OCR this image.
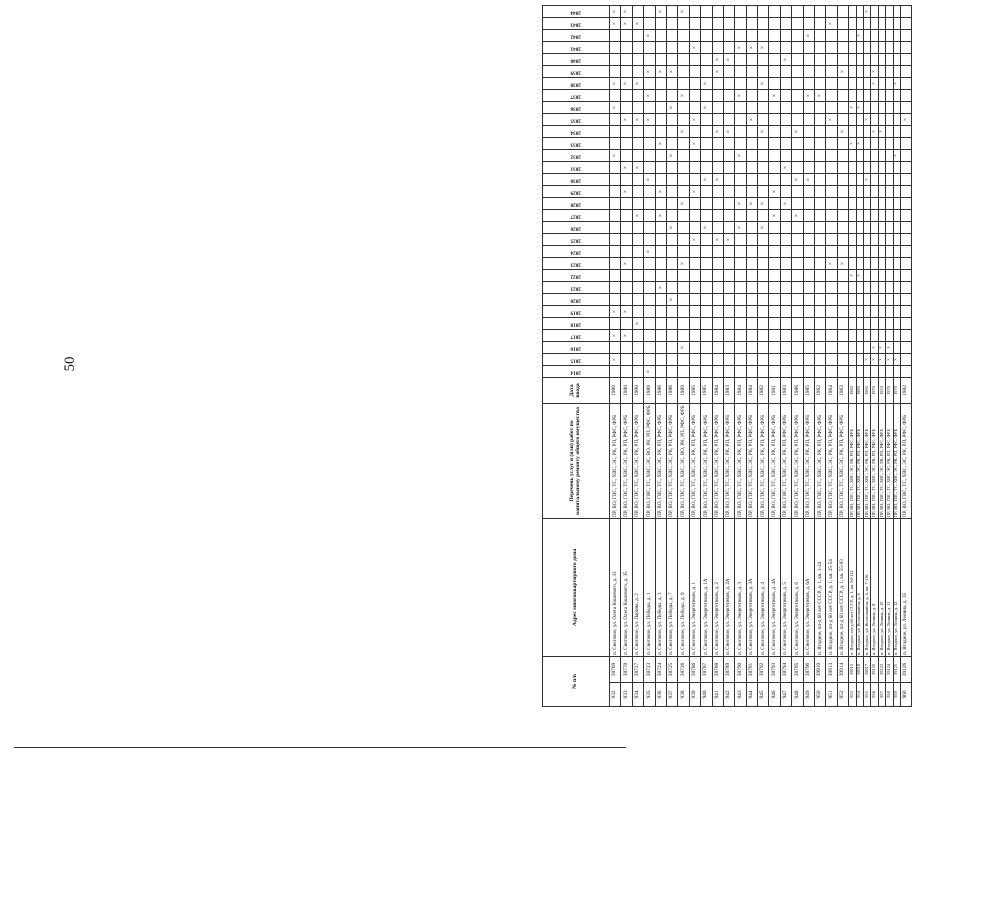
50
№ п/п		Адрес многоквартирного дома	Перечень услуг и (или) работ по капитальному ремонту общего имущества	Дата ввода	2014	2015	2016	2017	2018	2019	2020	2021	2022	2023	2024	2025	2026	2027	2028	2029	2030	2031	2032	2033	2034	2035	2036	2037	2038	2039	2040	2041	2042	2043	2044
932	38769	п. Снеговое, ул. Олега Кошевого, д. 33	ПР, ВО, ГВС, ТС, ХВС, ЭС, РК, РП, РФС, ФРБ	1980		×		×		×													×				×		×					×	×
933	38770	п. Снеговое, ул. Олега Кошевого, д. 35	ПР, ВО, ГВС, ТС, ХВС, ЭС, РК, РП, РФС, ФРБ	1980				×		×				×						×		×				×			×					×	×
934	38727	п. Снеговое, ул. Парина, д. 2	ПР, ВО, ГВС, ТС, ХВС, ЭС, РК, РП, РФС, ФРБ	1990					×									×				×				×			×					×	
935	38723	п. Снеговое, ул. Победы, д. 1	ПР, ВО, ГВС, ТС, ХВС, ЭС, ВО, РК, РП, РФС, ФРБ	1989	×										×						×					×		×		×			×		
936	38724	п. Снеговое, ул. Победы, д. 3	ПР, ВО, ГВС, ТС, ХВС, ЭС, РК, РП, РФС, ФРБ	1986								×						×		×				×						×					×
937	38725	п. Снеговое, ул. Победы, д. 7	ПР, ВО, ГВС, ТС, ХВС, ЭС, РК, РП, РФС, ФРБ	1986							×						×						×				×			×					
938	38726	п. Снеговое, ул. Победы, д. 9	ПР, ВО, ГВС, ТС, ХВС, ЭС, ВО, РК, РП, РФС, ФРБ	1989			×							×					×						×			×							×
939	38786	п. Снеговое, ул. Энергетиков, д. 1	ПР, ВО, ГВС, ТС, ХВС, ЭС, РК, РП, РФС, ФРБ	1985												×				×				×		×						×			
940	38787	п. Снеговое, ул. Энергетиков, д. 1А	ПР, ВО, ГВС, ТС, ХВС, ЭС, РК, РП, РФС, ФРБ	1985													×				×						×		×						
941	38788	п. Снеговое, ул. Энергетиков, д. 2	ПР, ВО, ГВС, ТС, ХВС, ЭС, РК, РП, РФС, ФРБ	1984												×					×				×					×	×				
942	38789	п. Снеговое, ул. Энергетиков, д. 2А	ПР, ВО, ГВС, ТС, ХВС, ЭС, РК, РП, РФС, ФРБ	1983												×									×						×				
943	38790	п. Снеговое, ул. Энергетиков, д. 3	ПР, ВО, ГВС, ТС, ХВС, ЭС, РК, РП, РФС, ФРБ	1984													×		×				×					×				×			
944	38791	п. Снеговое, ул. Энергетиков, д. 3А	ПР, ВО, ГВС, ТС, ХВС, ЭС, РК, РП, РФС, ФРБ	1984															×							×						×			
945	38792	п. Снеговое, ул. Энергетиков, д. 4	ПР, ВО, ГВС, ТС, ХВС, ЭС, РК, РП, РФС, ФРБ	1982													×		×						×				×			×			
946	38793	п. Снеговое, ул. Энергетиков, д. 4А	ПР, ВО, ГВС, ТС, ХВС, ЭС, РК, РП, РФС, ФРБ	1981														×		×								×							
947	38794	п. Снеговое, ул. Энергетиков, д. 5	ПР, ВО, ГВС, ТС, ХВС, ЭС, РК, РП, РФС, ФРБ	1983															×			×									×				
948	38795	п. Снеговое, ул. Энергетиков, д. 6	ПР, ВО, ГВС, ТС, ХВС, ЭС, РК, РП, РФС, ФРБ	1986														×			×				×										
949	38796	п. Снеговое, ул. Энергетиков, д. 6А	ПР, ВО, ГВС, ТС, ХВС, ЭС, РК, РП, РФС, ФРБ	1985																	×							×					×		
950	39910	п. Ягодное, пл-д 60 лет СССР, д. 1, кв. 1-24	ПР, ВО, ГВС, ТС, ХВС, ЭС, РК, РП, РФС, ФРБ	1962																								×							
951	39913	п. Ягодное, пл-д 60 лет СССР, д. 1, кв. 25-54	ПР, ВО, ГВС, ТС, ХВС, ЭС, РК, РП, РФС, ФРБ	1964										×												×								×	
952	39914	п. Ягодное, пл-д 60 лет СССР, д. 1, кв. 55-93	ПР, ВО, ГВС, ТС, ХВС, ЭС, РК, РП, РФС, ФРБ	1963										×											×					×					
953	39913	п. Ягодное, пл-д 60 лет СССР, д. 1, кв. 94-122	ПР, ВО, ГВС, ТС, ХВС, ЭС, РК, РП, РФС, ФРБ	1963									×											×			×								
954	39918	п. Ягодное, ул. Космонавтов, д. 6	ПР, ВО, ГВС, ТС, ХВС, ЭС, РК, РП, РФС, ФРБ	1983									×											×			×						×		
955	39917	п. Ягодное, ул. Космонавтов, д. 4, кв. 7-116	ПР, ВО, ГВС, ТС, ХВС, ЭС, РК, РП, РФС, ФРБ	1992		×															×					×									×
956	39120	п. Ягодное, ул. Ленина, д. 8	ПР, ВО, ГВС, ТС, ХВС, ЭС, РК, РП, РФС, ФРБ	1970		×	×																		×				×	×					
957	39123	п. Ягодное, ул. Ленина, д. 10	ПР, ВО, ГВС, ТС, ХВС, ЭС, РК, РП, РФС, ФРБ	1953		×	×																		×										
958	39124	п. Ягодное, ул. Ленина, д. 11	ПР, ВО, ГВС, ТС, ХВС, ЭС, РК, РП, РФС, ФРБ	1970		×	×																												
959	39125	п. Ягодное, ул. Ленина, д. 12	ПР, ВО, ГВС, ТС, ХВС, ЭС, РК, РП, РФС, ФРБ	1970		×																	×						×						
960	39126	п. Ягодное, ул. Ленина, д. 35	ПР, ВО, ГВС, ТС, ХВС, ЭС, РК, РП, РФС, ФРБ	1982																						×									
